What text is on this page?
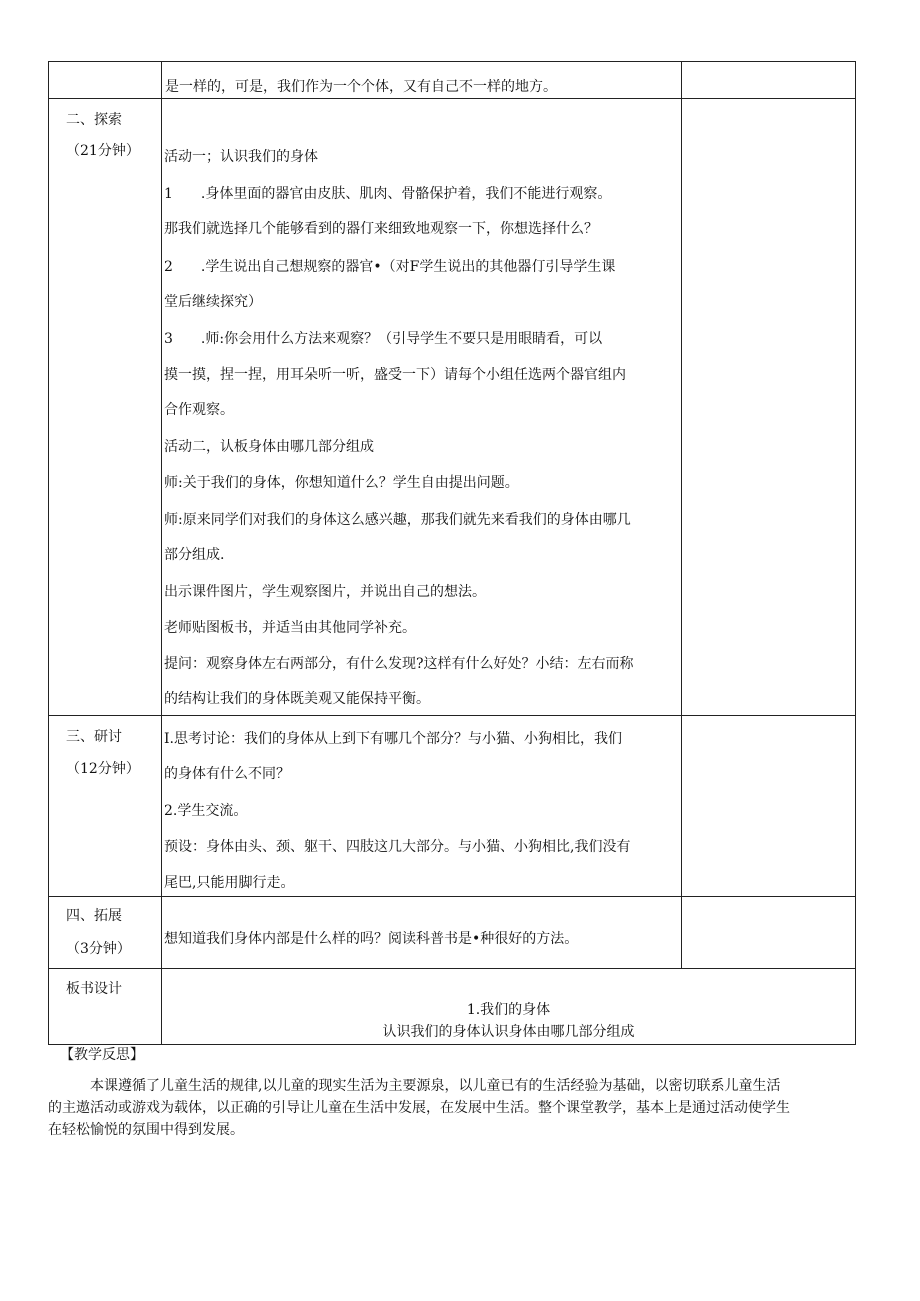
是一样的，可是，我们作为一个个体，又有自己不一样的地方。
二、探索
（21分钟） 活动一；认识我们的身体
1　　.身体里面的器官由皮肤、肌肉、骨骼保护着，我们不能进行观察。
那我们就选择几个能够看到的器仃来细致地观察一下，你想选择什么？
2　　.学生说出自己想规察的器官•（对F学生说出的其他器仃引导学生课
堂后继续探究）
3　　.师:你会用什么方法来观察？（引导学生不要只是用眼睛看，可以
摸一摸，捏一捏，用耳朵听一听，盛受一下）请每个小组任选两个器官组内
合作观察。
活动二，认板身体由哪几部分组成
师:关于我们的身体，你想知道什么？学生自由提出问题。
师:原来同学们对我们的身体这么感兴趣，那我们就先来看我们的身体由哪几
部分组成.
出示课件图片，学生观察图片，并说出自己的想法。
老师贴图板书，并适当由其他同学补充。
提问：观察身体左右两部分，有什么发现?这样有什么好处？小结：左右而称
的结构让我们的身体既美观又能保持平衡。
三、研讨
（12分钟）
I.思考讨论：我们的身体从上到下有哪几个部分？与小猫、小狗相比，我们
的身体有什么不同？
2.学生交流。
预设：身体由头、颈、躯干、四肢这几大部分。与小猫、小狗相比,我们没有
尾巴,只能用脚行走。
四、拓展
（3分钟）
想知道我们身体内部是什么样的吗？阅读科普书是•种很好的方法。
板书设计
1.我们的身体
认识我们的身体认识身体由哪几部分组成
【教学反思】
本课遵循了儿童生活的规律,以儿童的现实生活为主要源泉，以儿童已有的生活经验为基础，以密切联系儿童生活
的主遨活动或游戏为载体，以正确的引导让儿童在生活中发展，在发展中生活。整个课堂教学，基本上是通过活动使学生
在轻松愉悦的氛围中得到发展。
